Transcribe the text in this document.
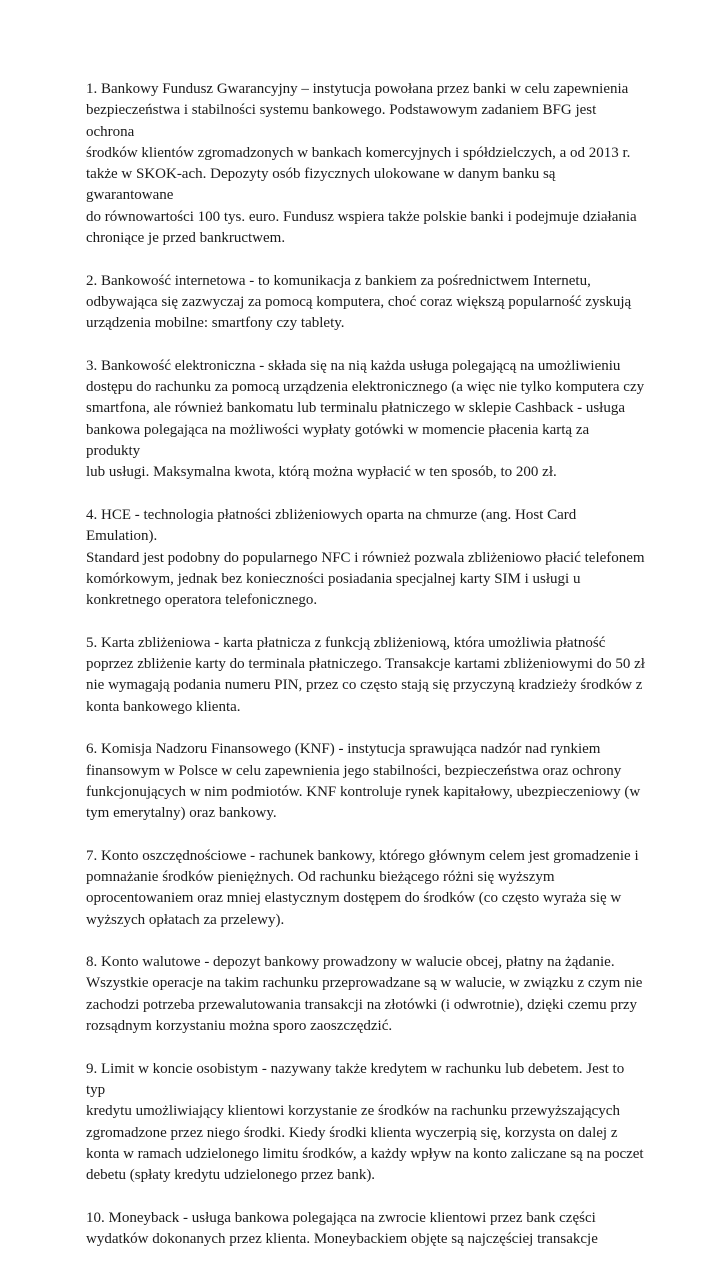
1. Bankowy Fundusz Gwarancyjny – instytucja powołana przez banki w celu zapewnienia
bezpieczeństwa i stabilności systemu bankowego. Podstawowym zadaniem BFG jest ochrona
środków klientów zgromadzonych w bankach komercyjnych i spółdzielczych, a od 2013 r.
także w SKOK-ach. Depozyty osób fizycznych ulokowane w danym banku są gwarantowane
do równowartości 100 tys. euro. Fundusz wspiera także polskie banki i podejmuje działania
chroniące je przed bankructwem.

2. Bankowość internetowa - to komunikacja z bankiem za pośrednictwem Internetu,
odbywająca się zazwyczaj za pomocą komputera, choć coraz większą popularność zyskują
urządzenia mobilne: smartfony czy tablety.

3. Bankowość elektroniczna - składa się na nią każda usługa polegającą na umożliwieniu
dostępu do rachunku za pomocą urządzenia elektronicznego (a więc nie tylko komputera czy
smartfona, ale również bankomatu lub terminalu płatniczego w sklepie Cashback - usługa
bankowa polegająca na możliwości wypłaty gotówki w momencie płacenia kartą za produkty
lub usługi. Maksymalna kwota, którą można wypłacić w ten sposób, to 200 zł.

4. HCE - technologia płatności zbliżeniowych oparta na chmurze (ang. Host Card Emulation).
Standard jest podobny do popularnego NFC i również pozwala zbliżeniowo płacić telefonem
komórkowym, jednak bez konieczności posiadania specjalnej karty SIM i usługi u
konkretnego operatora telefonicznego.

5. Karta zbliżeniowa - karta płatnicza z funkcją zbliżeniową, która umożliwia płatność
poprzez zbliżenie karty do terminala płatniczego. Transakcje kartami zbliżeniowymi do 50 zł
nie wymagają podania numeru PIN, przez co często stają się przyczyną kradzieży środków z
konta bankowego klienta.

6. Komisja Nadzoru Finansowego (KNF) - instytucja sprawująca nadzór nad rynkiem
finansowym w Polsce w celu zapewnienia jego stabilności, bezpieczeństwa oraz ochrony
funkcjonujących w nim podmiotów. KNF kontroluje rynek kapitałowy, ubezpieczeniowy (w
tym emerytalny) oraz bankowy.

7. Konto oszczędnościowe - rachunek bankowy, którego głównym celem jest gromadzenie i
pomnażanie środków pieniężnych. Od rachunku bieżącego różni się wyższym
oprocentowaniem oraz mniej elastycznym dostępem do środków (co często wyraża się w
wyższych opłatach za przelewy).

8. Konto walutowe - depozyt bankowy prowadzony w walucie obcej, płatny na żądanie.
Wszystkie operacje na takim rachunku przeprowadzane są w walucie, w związku z czym nie
zachodzi potrzeba przewalutowania transakcji na złotówki (i odwrotnie), dzięki czemu przy
rozsądnym korzystaniu można sporo zaoszczędzić.

9. Limit w koncie osobistym - nazywany także kredytem w rachunku lub debetem. Jest to typ
kredytu umożliwiający klientowi korzystanie ze środków na rachunku przewyższających
zgromadzone przez niego środki. Kiedy środki klienta wyczerpią się, korzysta on dalej z
konta w ramach udzielonego limitu środków, a każdy wpływ na konto zaliczane są na poczet
debetu (spłaty kredytu udzielonego przez bank).

10. Moneyback - usługa bankowa polegająca na zwrocie klientowi przez bank części
wydatków dokonanych przez klienta. Moneybackiem objęte są najczęściej transakcje
